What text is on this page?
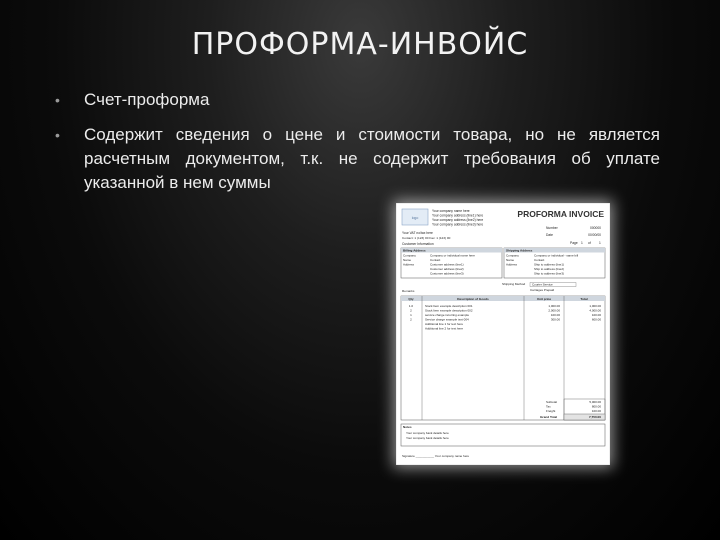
ПРОФОРМА-ИНВОЙС
• Счет-проформа
• Содержит сведения о цене и стоимости товара, но не является расчетным документом, т.к. не содержит требования об уплате указанной в нем суммы
logo
Your company name here
Your company address (line1) here
Your company address (line2) here
Your company address (line3) here
PROFORMA INVOICE
Number	000000
Date	00/00/00
Your VAT no/tax here
Contact: 1 (123) 00 Fax: 1 (123) 00
Page 1 of	1
Customer Information
Billing Address
Company	Company or individual name here
Name	Contact
Address	Customer address (line1)
Customer address (line2)
Customer address (line3)
Shipping Address
Company	Company or individual - same bill
Name	Contact
Address	Ship to address (line1)
Ship to address (line2)
Ship to address (line3)
Shipping Method Courier Service
Carriages Prepaid
Remarks
Qty	Description of Goods	Unit price	Total
1.0	Stock Item example description 001	1,000.00	1,000.00
2	Stock Item example description 002	2,000.00	4,000.00
1	service charge incurring example	100.00	100.00
2	Service charge example text 004	300.00	600.00
Additional line 1 for text here
Additional line 2 for text here
Subtotal	5,000.00
Tax	800.00
Freight	100.00
Grand Total	7,750.00
Notes
Your company bank details here
Your company bank details here
Signature ___________ Your company name here
